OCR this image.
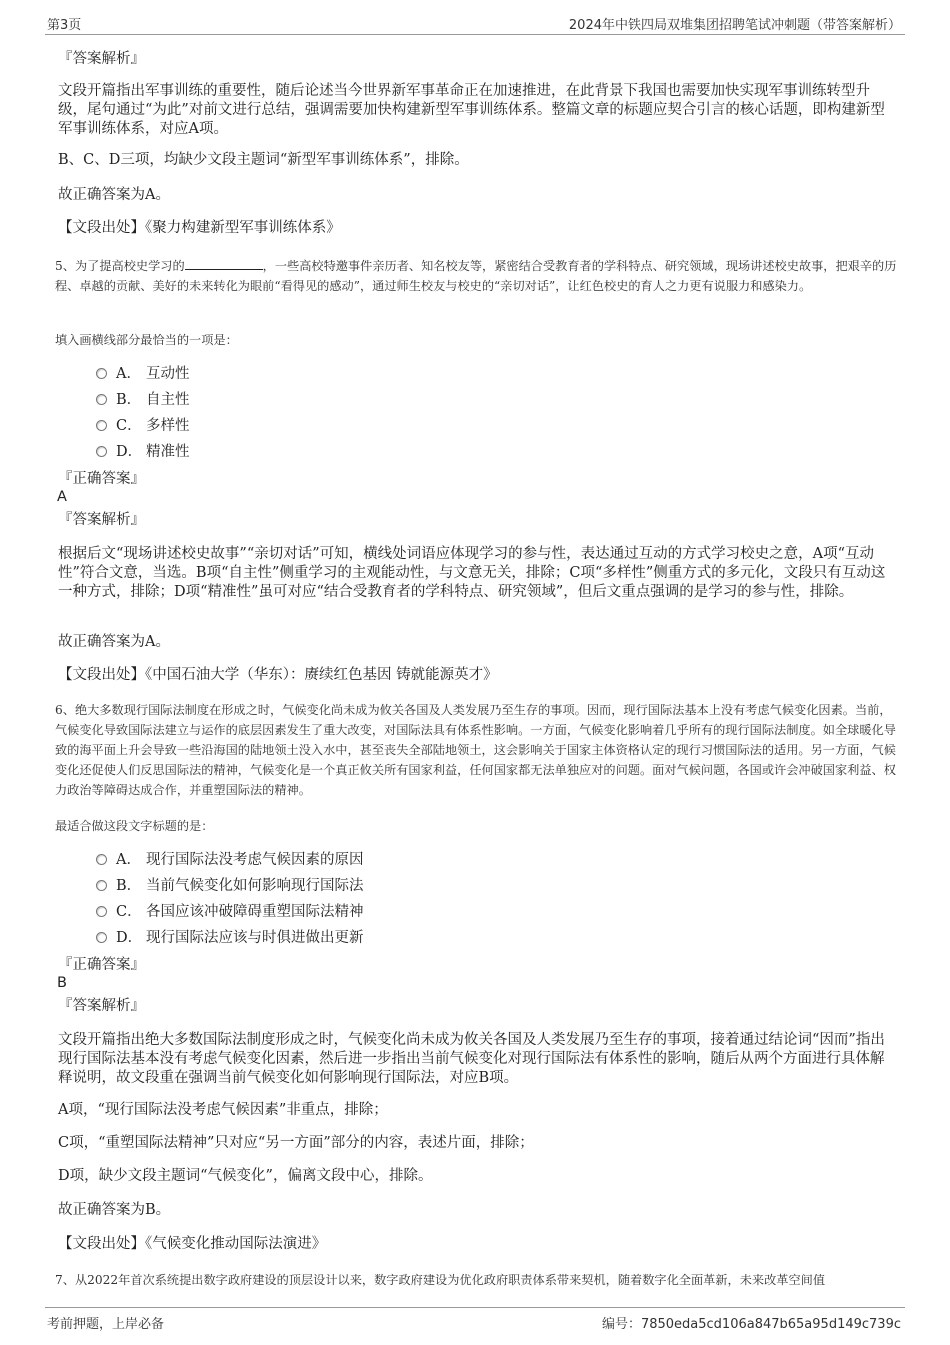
第3页	2024年中铁四局双堆集团招聘笔试冲刺题（带答案解析）
『答案解析』
文段开篇指出军事训练的重要性，随后论述当今世界新军事革命正在加速推进，在此背景下我国也需要加快实现军事训练转型升级，尾句通过“为此”对前文进行总结，强调需要加快构建新型军事训练体系。整篇文章的标题应契合引言的核心话题，即构建新型军事训练体系，对应A项。
B、C、D三项，均缺少文段主题词“新型军事训练体系”，排除。
故正确答案为A。
【文段出处】《聚力构建新型军事训练体系》
5、为了提高校史学习的	，一些高校特邀事件亲历者、知名校友等，紧密结合受教育者的学科特点、研究领域，现场讲述校史故事，把艰辛的历程、卓越的贡献、美好的未来转化为眼前“看得见的感动”，通过师生校友与校史的“亲切对话”，让红色校史的育人之力更有说服力和感染力。
填入画横线部分最恰当的一项是：
A． 互动性
B． 自主性
C． 多样性
D． 精准性
『正确答案』
A
『答案解析』
根据后文“现场讲述校史故事”“亲切对话”可知，横线处词语应体现学习的参与性，表达通过互动的方式学习校史之意，A项“互动性”符合文意，当选。B项“自主性”侧重学习的主观能动性，与文意无关，排除；C项“多样性”侧重方式的多元化，文段只有互动这一种方式，排除；D项“精准性”虽可对应“结合受教育者的学科特点、研究领域”，但后文重点强调的是学习的参与性，排除。
故正确答案为A。
【文段出处】《中国石油大学（华东）：赓续红色基因 铸就能源英才》
6、绝大多数现行国际法制度在形成之时，气候变化尚未成为攸关各国及人类发展乃至生存的事项。因而，现行国际法基本上没有考虑气候变化因素。当前，气候变化导致国际法建立与运作的底层因素发生了重大改变，对国际法具有体系性影响。一方面，气候变化影响着几乎所有的现行国际法制度。如全球暖化导致的海平面上升会导致一些沿海国的陆地领土没入水中，甚至丧失全部陆地领土，这会影响关于国家主体资格认定的现行习惯国际法的适用。另一方面，气候变化还促使人们反思国际法的精神，气候变化是一个真正攸关所有国家利益，任何国家都无法单独应对的问题。面对气候问题，各国或许会冲破国家利益、权力政治等障碍达成合作，并重塑国际法的精神。
最适合做这段文字标题的是：
A． 现行国际法没考虑气候因素的原因
B． 当前气候变化如何影响现行国际法
C． 各国应该冲破障碍重塑国际法精神
D． 现行国际法应该与时俱进做出更新
『正确答案』
B
『答案解析』
文段开篇指出绝大多数国际法制度形成之时，气候变化尚未成为攸关各国及人类发展乃至生存的事项，接着通过结论词“因而”指出现行国际法基本没有考虑气候变化因素，然后进一步指出当前气候变化对现行国际法有体系性的影响，随后从两个方面进行具体解释说明，故文段重在强调当前气候变化如何影响现行国际法，对应B项。
A项，“现行国际法没考虑气候因素”非重点，排除；
C项，“重塑国际法精神”只对应“另一方面”部分的内容，表述片面，排除；
D项，缺少文段主题词“气候变化”，偏离文段中心，排除。
故正确答案为B。
【文段出处】《气候变化推动国际法演进》
7、从2022年首次系统提出数字政府建设的顶层设计以来，数字政府建设为优化政府职责体系带来契机，随着数字化全面革新，未来改革空间值
考前押题，上岸必备	编号：7850eda5cd106a847b65a95d149c739c
